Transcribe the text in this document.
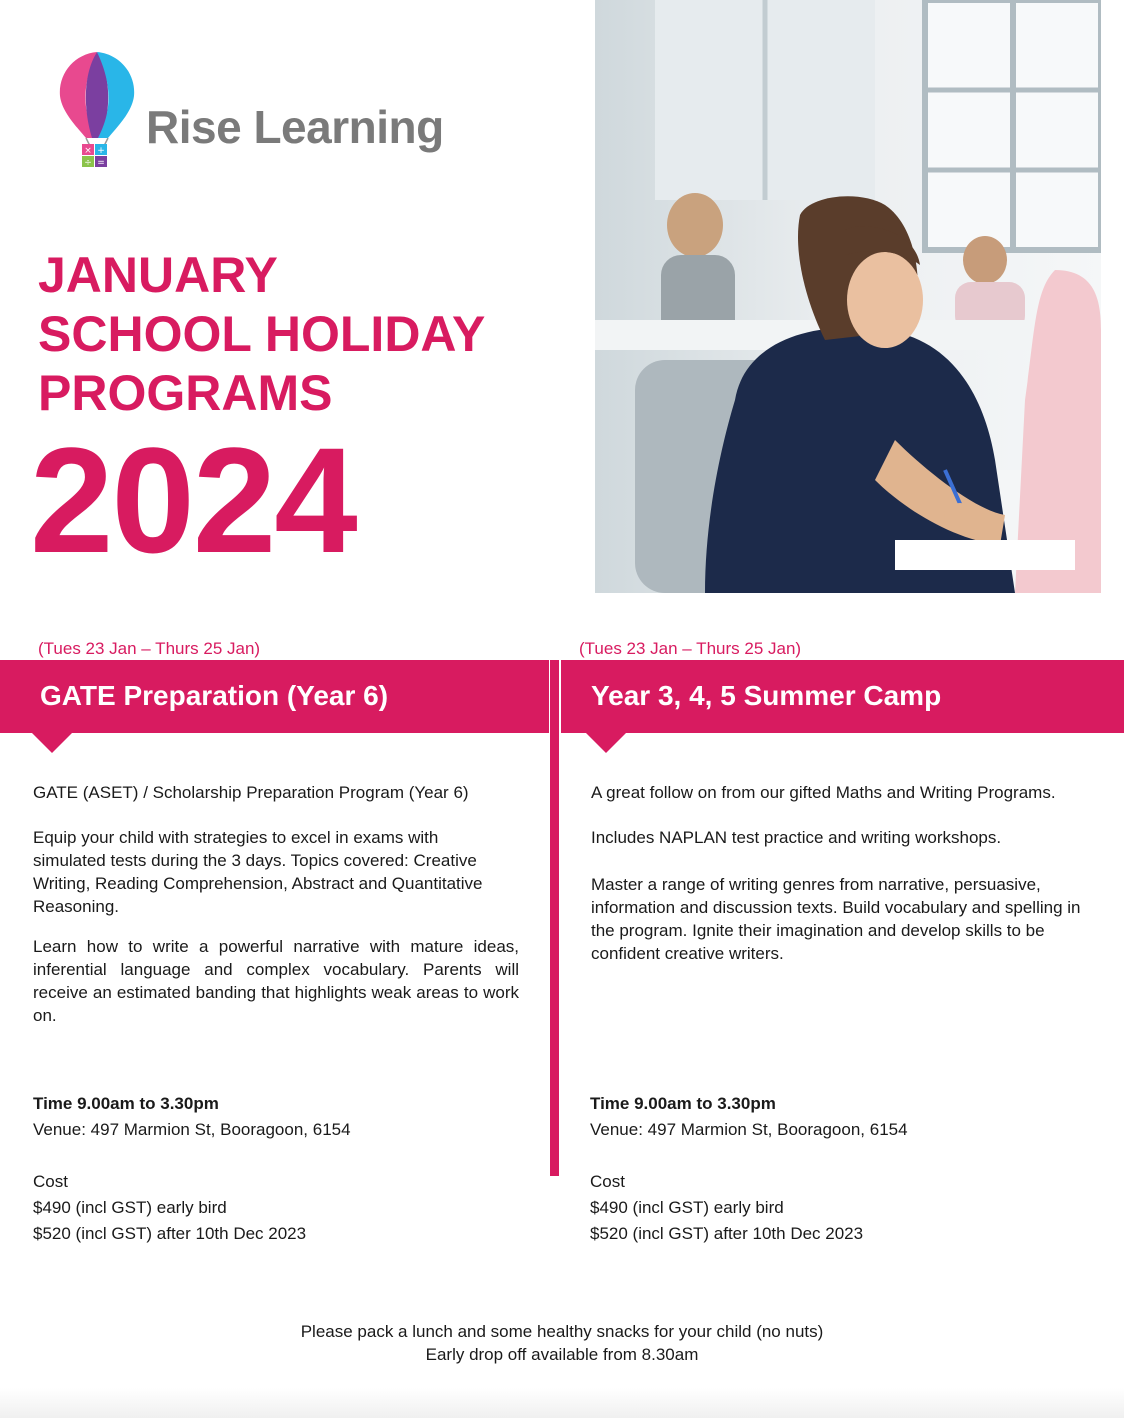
× +
÷ =
Rise Learning
JANUARY
SCHOOL HOLIDAY
PROGRAMS
2024
(Tues 23 Jan – Thurs 25 Jan)	(Tues 23 Jan – Thurs 25 Jan)
GATE Preparation (Year 6)	Year 3, 4, 5 Summer Camp

GATE (ASET) / Scholarship Preparation Program (Year 6)

Equip your child with strategies to excel in exams with simulated tests during the 3 days. Topics covered: Creative Writing, Reading Comprehension, Abstract and Quantitative Reasoning.

Learn how to write a powerful narrative with mature ideas, inferential language and complex vocabulary. Parents will receive an estimated banding that highlights weak areas to work on.

A great follow on from our gifted Maths and Writing Programs.

Includes NAPLAN test practice and writing workshops.

Master a range of writing genres from narrative, persuasive, information and discussion texts. Build vocabulary and spelling in the program. Ignite their imagination and develop skills to be confident creative writers.

Time 9.00am to 3.30pm
Venue: 497 Marmion St, Booragoon, 6154
Cost
$490 (incl GST) early bird
$520 (incl GST) after 10th Dec 2023
Time 9.00am to 3.30pm
Venue: 497 Marmion St, Booragoon, 6154
Cost
$490 (incl GST) early bird
$520 (incl GST) after 10th Dec 2023
Please pack a lunch and some healthy snacks for your child (no nuts)
Early drop off available from 8.30am
